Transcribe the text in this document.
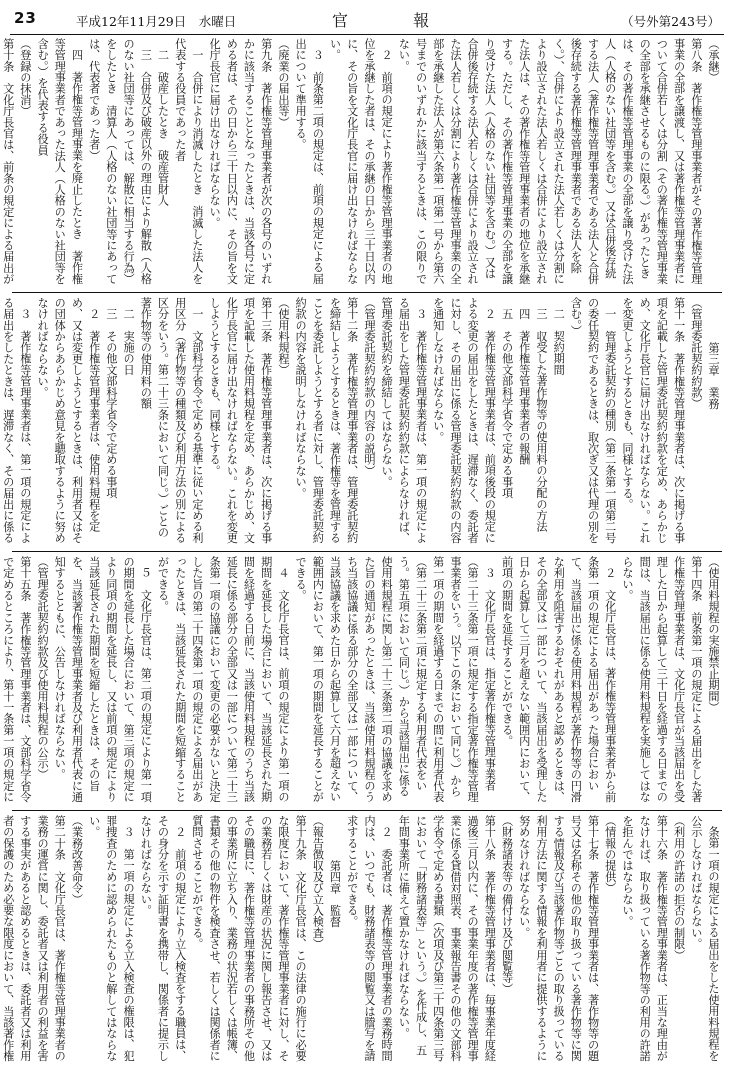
23	平成12年11月29日　水曜日	官 報	（号外第243号）

（承継）

第八条　著作権等管理事業者がその著作権等管理事業の全部を譲渡し、又は著作権等管理事業者について合併若しくは分割（その著作権等管理事業の全部を承継させるものに限る。）があったときは、その著作権等管理事業の全部を譲り受けた法人（人格のない社団等を含む。）又は合併後存続する法人（著作権等管理事業者である法人と合併後存続する著作権等管理事業者である法人を除く。）、合併により設立された法人若しくは分割により設立された法人若しくは合併により設立された法人は、その著作権等管理事業者の地位を承継する。ただし、その著作権等管理事業の全部を譲り受けた法人（人格のない社団等を含む。）又は合併後存続する法人若しくは合併により設立された法人若しくは分割により著作権等管理事業の全部を承継した法人が第六条第一項第一号から第六号までのいずれかに該当するときは、この限りでない。

２　前項の規定により著作権等管理事業者の地位を承継した者は、その承継の日から三十日以内に、その旨を文化庁長官に届け出なければならない。

３　前条第二項の規定は、前項の規定による届出について準用する。

（廃業の届出等）

第九条　著作権等管理事業者が次の各号のいずれかに該当することとなったときは、当該各号に定める者は、その日から三十日以内に、その旨を文化庁長官に届け出なければならない。

一　合併により消滅したとき　消滅した法人を代表する役員であった者

二　破産したとき　破産管財人

三　合併及び破産以外の理由により解散（人格のない社団等にあっては、解散に相当する行為）をしたとき　清算人（人格のない社団等にあっては、代表者であった者）

四　著作権等管理事業を廃止したとき　著作権等管理事業者であった法人（人格のない社団等を含む。）を代表する役員

（登録の抹消）

第十条　文化庁長官は、前条の規定による届出が

第三章　業務

（管理委託契約約款）

第十一条　著作権等管理事業者は、次に掲げる事項を記載した管理委託契約約款を定め、あらかじめ、文化庁長官に届け出なければならない。これを変更しようとするときも、同様とする。

一　管理委託契約の種別（第二条第一項第二号の委任契約であるときは、取次ぎ又は代理の別を含む。）

二　契約期間

三　収受した著作物等の使用料の分配の方法

四　著作権等管理事業者の報酬

五　その他文部科学省令で定める事項

２　著作権等管理事業者は、前項後段の規定による変更の届出をしたときは、遅滞なく、委託者に対し、その届出に係る管理委託契約約款の内容を通知しなければならない。

３　著作権等管理事業者は、第一項の規定による届出をした管理委託契約約款によらなければ、管理委託契約を締結してはならない。

（管理委託契約約款の内容の説明）

第十二条　著作権等管理事業者は、管理委託契約を締結しようとするときは、著作権等を管理することを委託しようとする者に対し、管理委託契約約款の内容を説明しなければならない。

（使用料規程）

第十三条　著作権等管理事業者は、次に掲げる事項を記載した使用料規程を定め、あらかじめ、文化庁長官に届け出なければならない。これを変更しようとするときも、同様とする。

一　文部科学省令で定める基準に従い定める利用区分（著作物等の種類及び利用方法の別による区分をいう。第二十三条において同じ。）ごとの著作物等の使用料の額

二　実施の日

三　その他文部科学省令で定める事項

２　著作権等管理事業者は、使用料規程を定め、又は変更しようとするときは、利用者又はその団体からあらかじめ意見を聴取するように努めなければならない。

３　著作権等管理事業者は、第一項の規定による届出をしたときは、遅滞なく、その届出に係る

（使用料規程の実施禁止期間）

第十四条　前条第一項の規定による届出をした著作権等管理事業者は、文化庁長官が当該届出を受理した日から起算して三十日を経過する日までの間は、当該届出に係る使用料規程を実施してはならない。

２　文化庁長官は、著作権等管理事業者から前条第一項の規定による届出があった場合において、当該届出に係る使用料規程が著作物等の円滑な利用を阻害するおそれがあると認めるときは、その全部又は一部について、当該届出を受理した日から起算して三月を超えない範囲内において、前項の期間を延長することができる。

３　文化庁長官は、指定著作権等管理事業者（第二十三条第一項に規定する指定著作権等管理事業者をいう。以下この条において同じ。）から第一項の期間を経過する日までの間に利用者代表（第二十三条第二項に規定する利用者代表をいう。第五項において同じ。）から当該届出に係る使用料規程に関し第二十三条第二項の協議を求めた旨の通知があったときは、当該使用料規程のうち当該協議に係る部分の全部又は一部について、当該協議を求めた日から起算して六月を超えない範囲内において、第一項の期間を延長することができる。

４　文化庁長官は、前項の規定により第一項の期間を延長した場合において、当該延長された期間を経過する日前に、当該使用料規程のうち当該延長に係る部分の全部又は一部について第二十三条第一項の協議において変更の必要がないと決定した旨の第二十四条第一項の規定による届出があったときは、当該延長された期間を短縮することができる。

５　文化庁長官は、第二項の規定により第一項の期間を延長した場合において、第三項の規定により同項の期間を延長し、又は前項の規定により当該延長された期間を短縮したときは、その旨を、当該著作権等管理事業者及び利用者代表に通知するとともに、公告しなければならない。

（管理委託契約約款及び使用料規程の公示）

第十五条　著作権等管理事業者は、文部科学省令で定めるところにより、第十一条第一項の規定に

条第一項の規定による届出をした使用料規程を公示しなければならない。

（利用の許諾の拒否の制限）

第十六条　著作権等管理事業者は、正当な理由がなければ、取り扱っている著作物等の利用の許諾を拒んではならない。

（情報の提供）

第十七条　著作権等管理事業者は、著作物等の題号又は名称その他の取り扱っている著作物等に関する情報及び当該著作物等ごとの取り扱っている利用方法に関する情報を利用者に提供するように努めなければならない。

（財務諸表等の備付け及び閲覧等）

第十八条　著作権等管理事業者は、毎事業年度経過後三月以内に、その事業年度の著作権等管理事業に係る貸借対照表、事業報告書その他の文部科学省令で定める書類（次項及び第三十四条第三号において「財務諸表等」という。）を作成し、五年間事業所に備えて置かなければならない。

２　委託者は、著作権等管理事業者の業務時間内は、いつでも、財務諸表等の閲覧又は謄写を請求することができる。

第四章　監督

（報告徴収及び立入検査）

第十九条　文化庁長官は、この法律の施行に必要な限度において、著作権等管理事業者に対し、その業務若しくは財産の状況に関し報告させ、又はその職員に、著作権等管理事業者の事務所その他の事業所に立ち入り、業務の状況若しくは帳簿、書類その他の物件を検査させ、若しくは関係者に質問させることができる。

２　前項の規定により立入検査をする職員は、その身分を示す証明書を携帯し、関係者に提示しなければならない。

３　第一項の規定による立入検査の権限は、犯罪捜査のために認められたものと解してはならない。

（業務改善命令）

第二十条　文化庁長官は、著作権等管理事業者の業務の運営に関し、委託者又は利用者の利益を害する事実があると認めるときは、委託者又は利用者の保護のため必要な限度において、当該著作権
